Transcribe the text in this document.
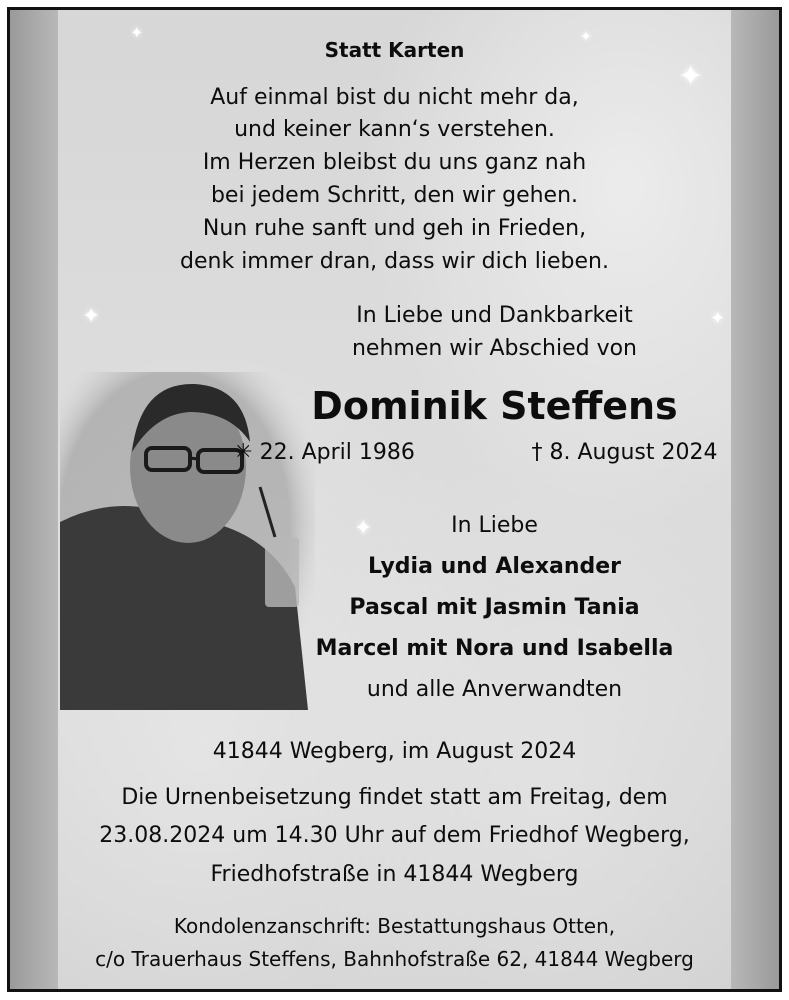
✦
✦	✦
✦
✦
✦
Statt Karten
Auf einmal bist du nicht mehr da,
und keiner kann‘s verstehen.
Im Herzen bleibst du uns ganz nah
bei jedem Schritt, den wir gehen.
Nun ruhe sanft und geh in Frieden,
denk immer dran, dass wir dich lieben.
In Liebe und Dankbarkeit
nehmen wir Abschied von
Dominik Steffens
✳ 22. April 1986	† 8. August 2024
In Liebe
Lydia und Alexander
Pascal mit Jasmin Tania
Marcel mit Nora und Isabella
und alle Anverwandten
41844 Wegberg, im August 2024
Die Urnenbeisetzung findet statt am Freitag, dem
23.08.2024 um 14.30 Uhr auf dem Friedhof Wegberg,
Friedhofstraße in 41844 Wegberg
Kondolenzanschrift: Bestattungshaus Otten,
c/o Trauerhaus Steffens, Bahnhofstraße 62, 41844 Wegberg
